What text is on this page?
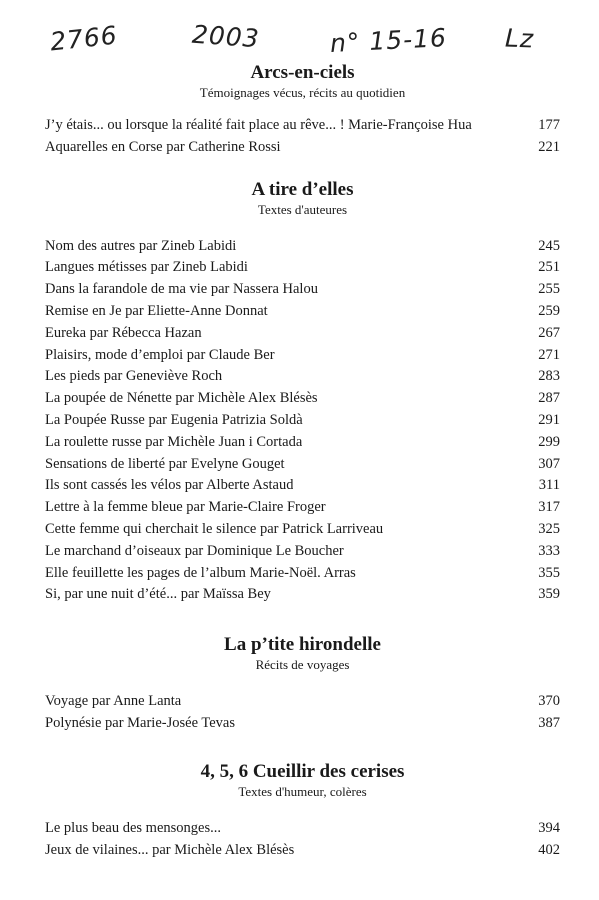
2766	2003	n° 15-16 Lz
Arcs-en-ciels
Témoignages vécus, récits au quotidien
J’y étais... ou lorsque la réalité fait place au rêve... ! Marie-Françoise Hua	177
Aquarelles en Corse par Catherine Rossi	221
A tire d’elles
Textes d'auteures
Nom des autres par Zineb Labidi	245
Langues métisses par Zineb Labidi	251
Dans la farandole de ma vie par Nassera Halou	255
Remise en Je par Eliette-Anne Donnat	259
Eureka par Rébecca Hazan	267
Plaisirs, mode d’emploi par Claude Ber	271
Les pieds par Geneviève Roch	283
La poupée de Nénette par Michèle Alex Blésès	287
La Poupée Russe par Eugenia Patrizia Soldà	291
La roulette russe par Michèle Juan i Cortada	299
Sensations de liberté par Evelyne Gouget	307
Ils sont cassés les vélos par Alberte Astaud	311
Lettre à la femme bleue par Marie-Claire Froger	317
Cette femme qui cherchait le silence par Patrick Larriveau	325
Le marchand d’oiseaux par Dominique Le Boucher	333
Elle feuillette les pages de l’album Marie-Noël. Arras	355
Si, par une nuit d’été... par Maïssa Bey	359
La p’tite hirondelle
Récits de voyages
Voyage par Anne Lanta	370
Polynésie par Marie-Josée Tevas	387
4, 5, 6 Cueillir des cerises
Textes d'humeur, colères
Le plus beau des mensonges...	394
Jeux de vilaines... par Michèle Alex Blésès	402
